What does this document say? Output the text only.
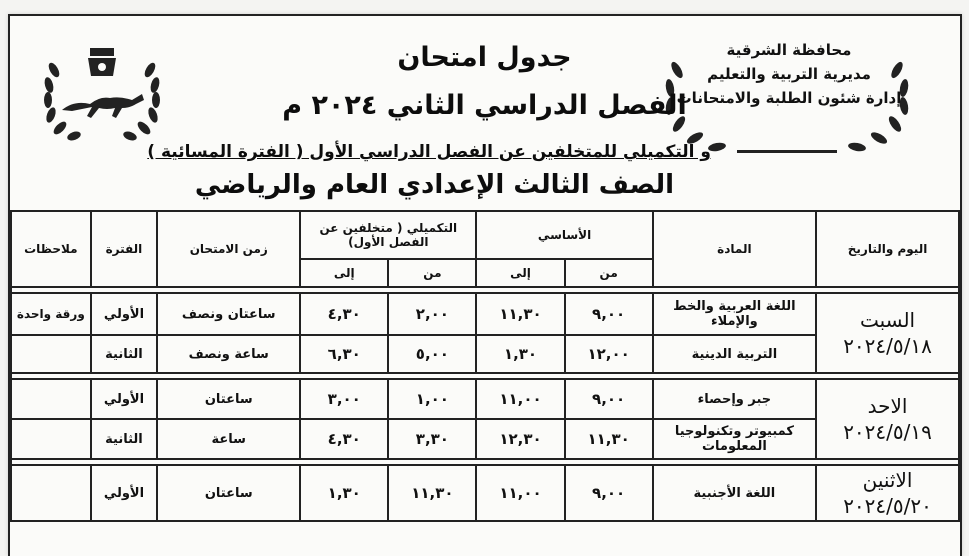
محافظة الشرقية
مديرية التربية والتعليم
إدارة شئون الطلبة والامتحانات
جدول امتحان
الفصل الدراسي الثاني ٢٠٢٤ م
و التكميلي للمتخلفين عن الفصل الدراسي الأول ( الفترة المسائية )
الصف الثالث الإعدادي العام والرياضي
اليوم والتاريخ	المادة	الأساسي		التكميلي ( متخلفين عن الفصل الأول)		زمن الامتحان	الفترة	ملاحظات
		من	إلى	من	إلى			

السبت
٢٠٢٤/٥/١٨	اللغة العربية والخط والإملاء	٩,٠٠	١١,٣٠	٢,٠٠	٤,٣٠	ساعتان ونصف	الأولي	ورقة واحدة
	التربية الدينية	١٢,٠٠	١,٣٠	٥,٠٠	٦,٣٠	ساعة ونصف	الثانية	

الاحد
٢٠٢٤/٥/١٩	جبر وإحصاء	٩,٠٠	١١,٠٠	١,٠٠	٣,٠٠	ساعتان	الأولي	
	كمبيوتر وتكنولوجيا المعلومات	١١,٣٠	١٢,٣٠	٣,٣٠	٤,٣٠	ساعة	الثانية	

الاثنين
٢٠٢٤/٥/٢٠	اللغة الأجنبية	٩,٠٠	١١,٠٠	١١,٣٠	١,٣٠	ساعتان	الأولي	
